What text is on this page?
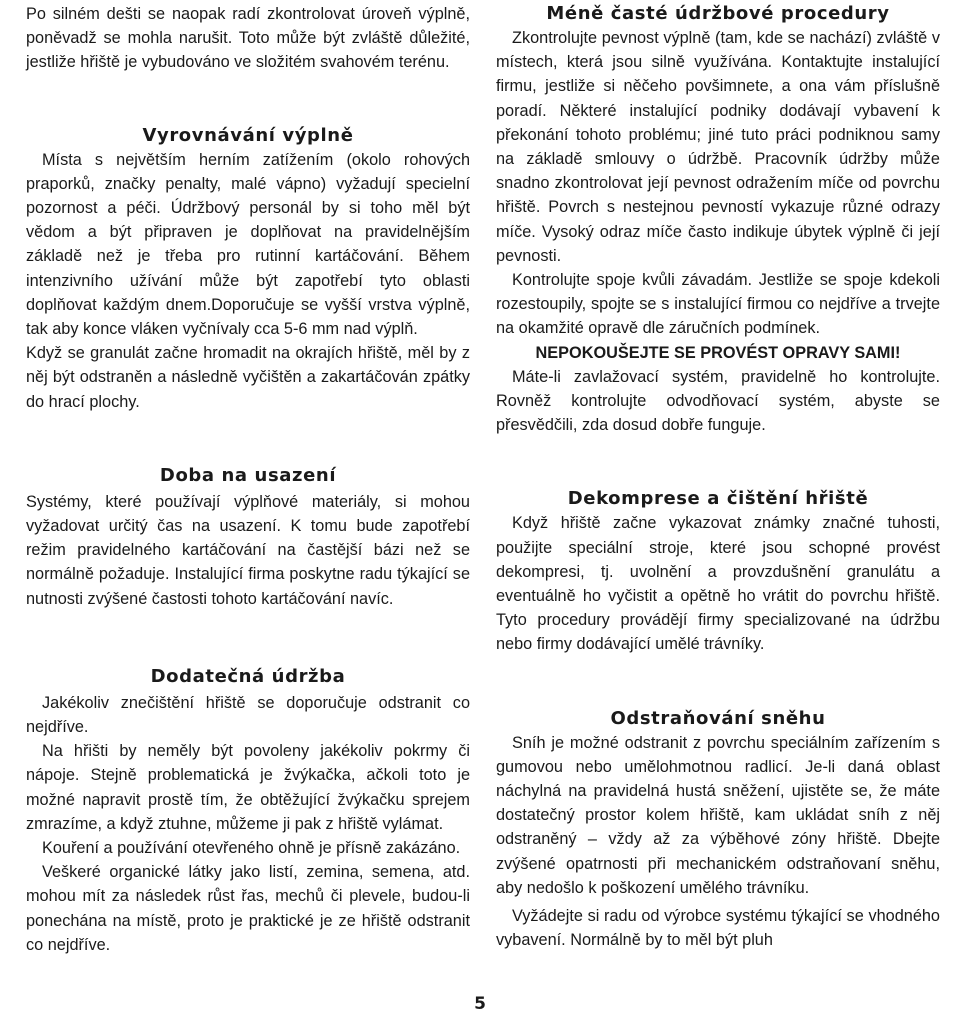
Po silném dešti se naopak radí zkontrolovat úroveň výplně, poněvadž se mohla narušit. Toto může být zvláště důležité, jestliže hřiště je vybudováno ve složitém svahovém terénu.

Vyrovnávání výplně

Místa s největším herním zatížením (okolo rohových praporků, značky penalty, malé vápno) vyžadují specielní pozornost a péči. Údržbový personál by si toho měl být vědom a být připraven je doplňovat na pravidelnějším základě než je třeba pro rutinní kartáčování. Během intenzivního užívání může být zapotřebí tyto oblasti doplňovat každým dnem.Doporučuje se vyšší vrstva výplně, tak aby konce vláken vyčnívaly cca 5-6 mm nad výplň.

Když se granulát začne hromadit na okrajích hřiště, měl by z něj být odstraněn a následně vyčištěn a zakartáčován zpátky do hrací plochy.

Doba na usazení

Systémy, které používají výplňové materiály, si mohou vyžadovat určitý čas na usazení. K tomu bude zapotřebí režim pravidelného kartáčování na častější bázi než se normálně požaduje. Instalující firma poskytne radu týkající se nutnosti zvýšené častosti tohoto kartáčování navíc.

Dodatečná údržba

Jakékoliv znečištění hřiště se doporučuje odstranit co nejdříve.

Na hřišti by neměly být povoleny jakékoliv pokrmy či nápoje. Stejně problematická je žvýkačka, ačkoli toto je možné napravit prostě tím, že obtěžující žvýkačku sprejem zmrazíme, a když ztuhne, můžeme ji pak z hřiště vylámat.

Kouření a používání otevřeného ohně je přísně zakázáno.

Veškeré organické látky jako listí, zemina, semena, atd. mohou mít za následek růst řas, mechů či plevele, budou-li ponechána na místě, proto je praktické je ze hřiště odstranit co nejdříve.

Méně časté údržbové procedury

Zkontrolujte pevnost výplně (tam, kde se nachází) zvláště v místech, která jsou silně využívána. Kontaktujte instalující firmu, jestliže si něčeho povšimnete, a ona vám příslušně poradí. Některé instalující podniky dodávají vybavení k překonání tohoto problému; jiné tuto práci podniknou samy na základě smlouvy o údržbě. Pracovník údržby může snadno zkontrolovat její pevnost odražením míče od povrchu hřiště. Povrch s nestejnou pevností vykazuje různé odrazy míče. Vysoký odraz míče často indikuje úbytek výplně či její pevnosti.

Kontrolujte spoje kvůli závadám. Jestliže se spoje kdekoli rozestoupily, spojte se s instalující firmou co nejdříve a trvejte na okamžité opravě dle záručních podmínek.

NEPOKOUŠEJTE SE PROVÉST OPRAVY SAMI!

Máte-li zavlažovací systém, pravidelně ho kontrolujte. Rovněž kontrolujte odvodňovací systém, abyste se přesvědčili, zda dosud dobře funguje.

Dekomprese a čištění hřiště

Když hřiště začne vykazovat známky značné tuhosti, použijte speciální stroje, které jsou schopné provést dekompresi, tj. uvolnění a provzdušnění granulátu a eventuálně ho vyčistit a opětně ho vrátit do povrchu hřiště. Tyto procedury provádějí firmy specializované na údržbu nebo firmy dodávající umělé trávníky.

Odstraňování sněhu

Sníh je možné odstranit z povrchu speciálním zařízením s gumovou nebo umělohmotnou radlicí. Je-li daná oblast náchylná na pravidelná hustá sněžení, ujistěte se, že máte dostatečný prostor kolem hřiště, kam ukládat sníh z něj odstraněný – vždy až za výběhové zóny hřiště. Dbejte zvýšené opatrnosti při mechanickém odstraňovaní sněhu, aby nedošlo k poškození umělého trávníku.

Vyžádejte si radu od výrobce systému týkající se vhodného vybavení. Normálně by to měl být pluh

5
